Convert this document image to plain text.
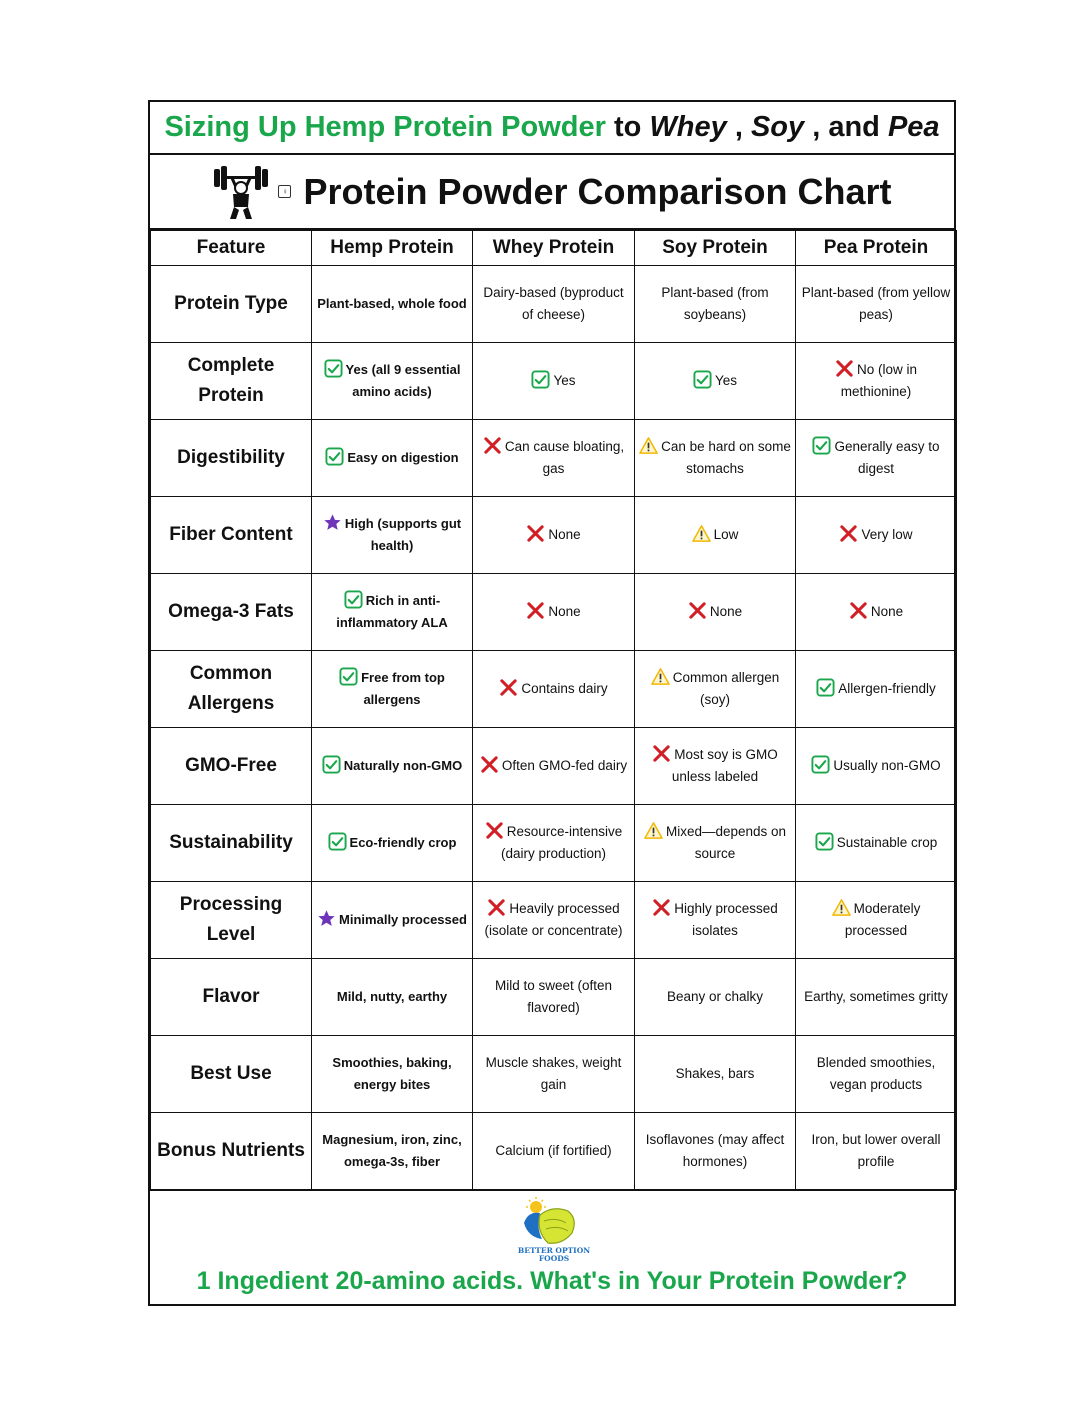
Sizing Up Hemp Protein Powder
to
Whey
,
Soy
, and
Pea
♀ Protein Powder Comparison Chart
Feature	Hemp Protein	Whey Protein	Soy Protein	Pea Protein
Protein Type	Plant-based, whole food	Dairy-based (byproduct of cheese)	Plant-based (from soybeans)	Plant-based (from yellow peas)
Complete Protein	Yes (all 9 essential amino acids)	Yes	Yes	No (low in methionine)
Digestibility	Easy on digestion	Can cause bloating, gas	Can be hard on some stomachs	Generally easy to digest
Fiber Content	High (supports gut health)	None	Low	Very low
Omega-3 Fats	Rich in anti-inflammatory ALA	None	None	None
Common Allergens	Free from top allergens	Contains dairy	Common allergen (soy)	Allergen-friendly
GMO-Free	Naturally non-GMO	Often GMO-fed dairy	Most soy is GMO unless labeled	Usually non-GMO
Sustainability	Eco-friendly crop	Resource-intensive (dairy production)	Mixed—depends on source	Sustainable crop
Processing Level	Minimally processed	Heavily processed (isolate or concentrate)	Highly processed isolates	Moderately processed
Flavor	Mild, nutty, earthy	Mild to sweet (often flavored)	Beany or chalky	Earthy, sometimes gritty
Best Use	Smoothies, baking, energy bites	Muscle shakes, weight gain	Shakes, bars	Blended smoothies, vegan products
Bonus Nutrients	Magnesium, iron, zinc, omega-3s, fiber	Calcium (if fortified)	Isoflavones (may affect hormones)	Iron, but lower overall profile
BETTER OPTION
FOODS
1 Ingedient 20-amino acids. What's in Your Protein Powder?
